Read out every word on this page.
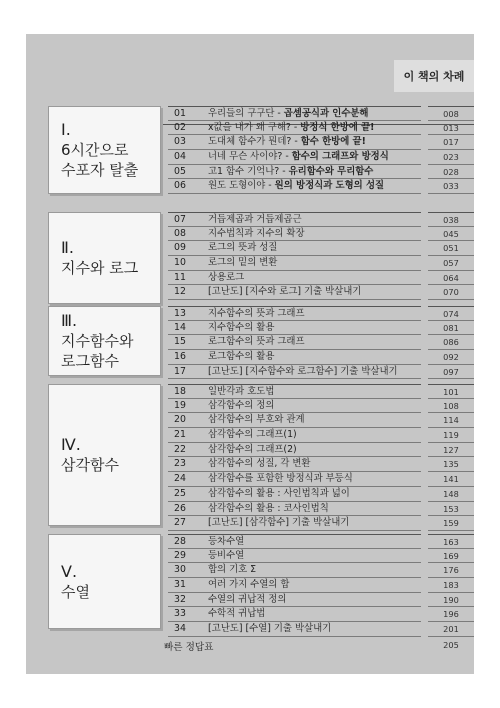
이 책의 차례
Ⅰ.
6시간으로
수포자 탈출
01 우리들의 구구단 - 곱셈공식과 인수분해
02 x값을 내가 왜 구해? - 방정식 한방에 끝!
03 도대체 함수가 뭔데? - 함수 한방에 끝!
04 너네 무슨 사이야? - 함수의 그래프와 방정식
05 고1 함수 기억나? - 유리함수와 무리함수
06 원도 도형이야 - 원의 방정식과 도형의 성질
008
013
017
023
028
033
Ⅱ.
지수와 로그
07 거듭제곱과 거듭제곱근
08 지수법칙과 지수의 확장
09 로그의 뜻과 성질
10 로그의 밑의 변환
11 상용로그
12 [고난도] [지수와 로그] 기출 박살내기
038
045
051
057
064
070
Ⅲ.
지수함수와
로그함수
13 지수함수의 뜻과 그래프
14 지수함수의 활용
15 로그함수의 뜻과 그래프
16 로그함수의 활용
17 [고난도] [지수함수와 로그함수] 기출 박살내기
074
081
086
092
097
Ⅳ.
삼각함수
18 일반각과 호도법
19 삼각함수의 정의
20 삼각함수의 부호와 관계
21 삼각함수의 그래프(1)
22 삼각함수의 그래프(2)
23 삼각함수의 성질, 각 변환
24 삼각함수를 포함한 방정식과 부등식
25 삼각함수의 활용 : 사인법칙과 넓이
26 삼각함수의 활용 : 코사인법칙
27 [고난도] [삼각함수] 기출 박살내기
101
108
114
119
127
135
141
148
153
159
Ⅴ.
수열
28 등차수열
29 등비수열
30 합의 기호 Σ
31 여러 가지 수열의 합
32 수열의 귀납적 정의
33 수학적 귀납법
34 [고난도] [수열] 기출 박살내기
163
169
176
183
190
196
201
빠른 정답표	205
